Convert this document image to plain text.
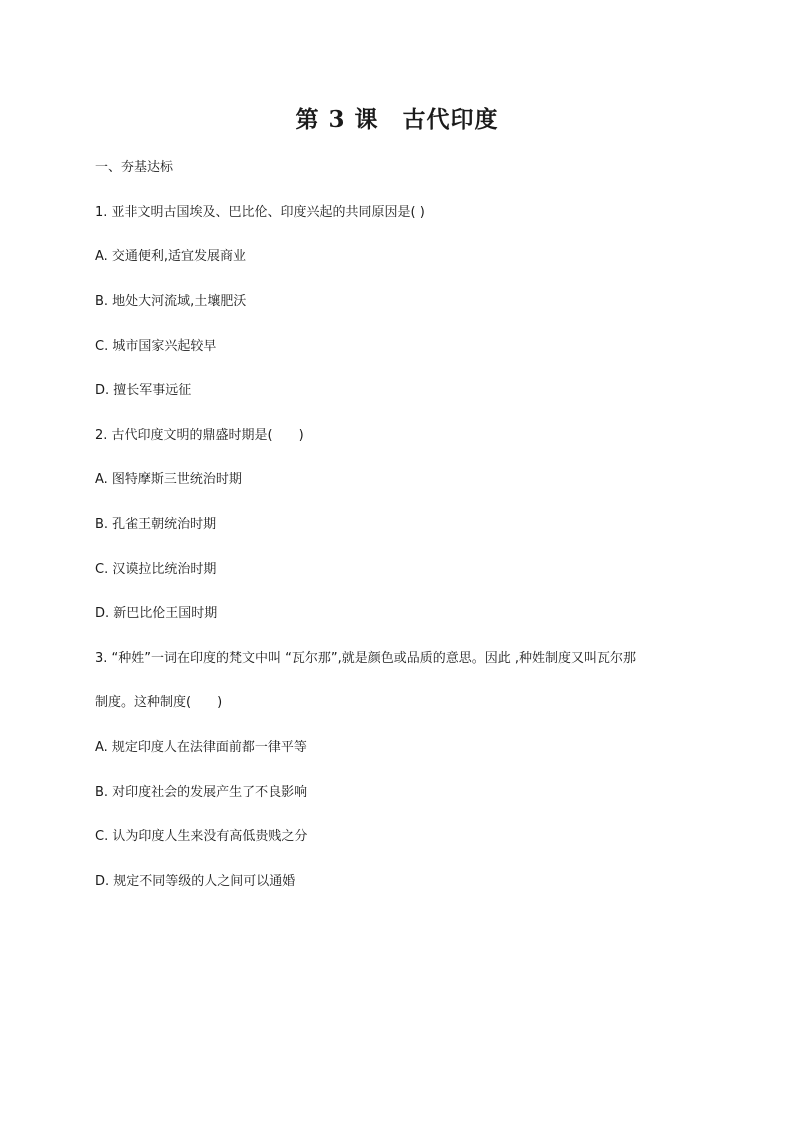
第 3 课　古代印度
一、夯基达标
1. 亚非文明古国埃及、巴比伦、印度兴起的共同原因是( )
A. 交通便利,适宜发展商业
B. 地处大河流域,土壤肥沃
C. 城市国家兴起较早
D. 擅长军事远征
2. 古代印度文明的鼎盛时期是(　　)
A. 图特摩斯三世统治时期
B. 孔雀王朝统治时期
C. 汉谟拉比统治时期
D. 新巴比伦王国时期
3. “种姓”一词在印度的梵文中叫 “瓦尔那”,就是颜色或品质的意思。因此 ,种姓制度又叫瓦尔那
制度。这种制度(　　)
A. 规定印度人在法律面前都一律平等
B. 对印度社会的发展产生了不良影响
C. 认为印度人生来没有高低贵贱之分
D. 规定不同等级的人之间可以通婚
